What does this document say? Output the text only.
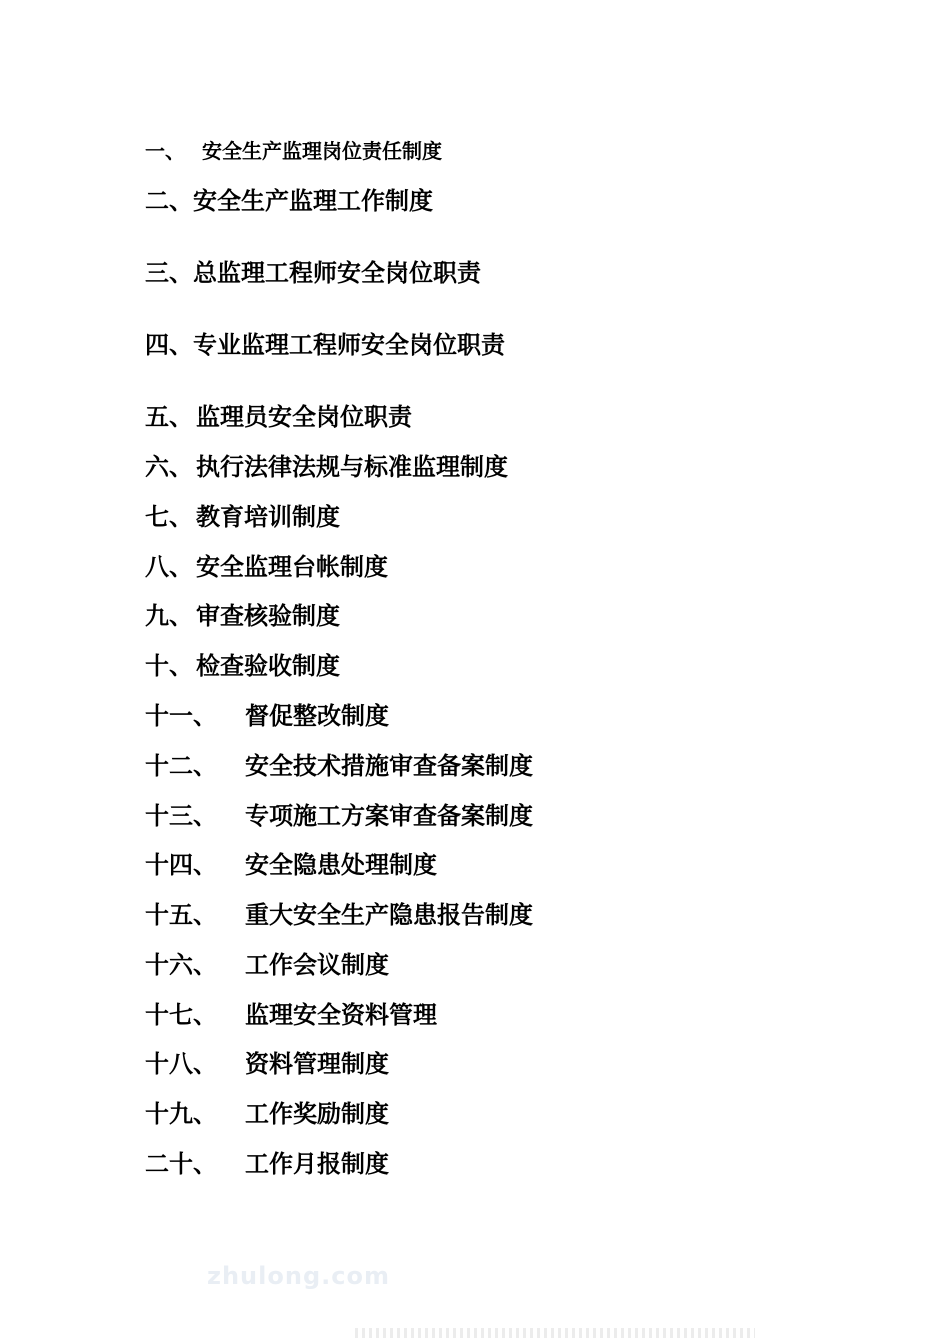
一、 安全生产监理岗位责任制度
二、安全生产监理工作制度
三、总监理工程师安全岗位职责
四、专业监理工程师安全岗位职责
五、 监理员安全岗位职责
六、 执行法律法规与标准监理制度
七、 教育培训制度
八、 安全监理台帐制度
九、 审查核验制度
十、 检查验收制度
十一、 督促整改制度
十二、 安全技术措施审查备案制度
十三、 专项施工方案审查备案制度
十四、 安全隐患处理制度
十五、 重大安全生产隐患报告制度
十六、 工作会议制度
十七、 监理安全资料管理
十八、 资料管理制度
十九、 工作奖励制度
二十、 工作月报制度
zhulong.com
